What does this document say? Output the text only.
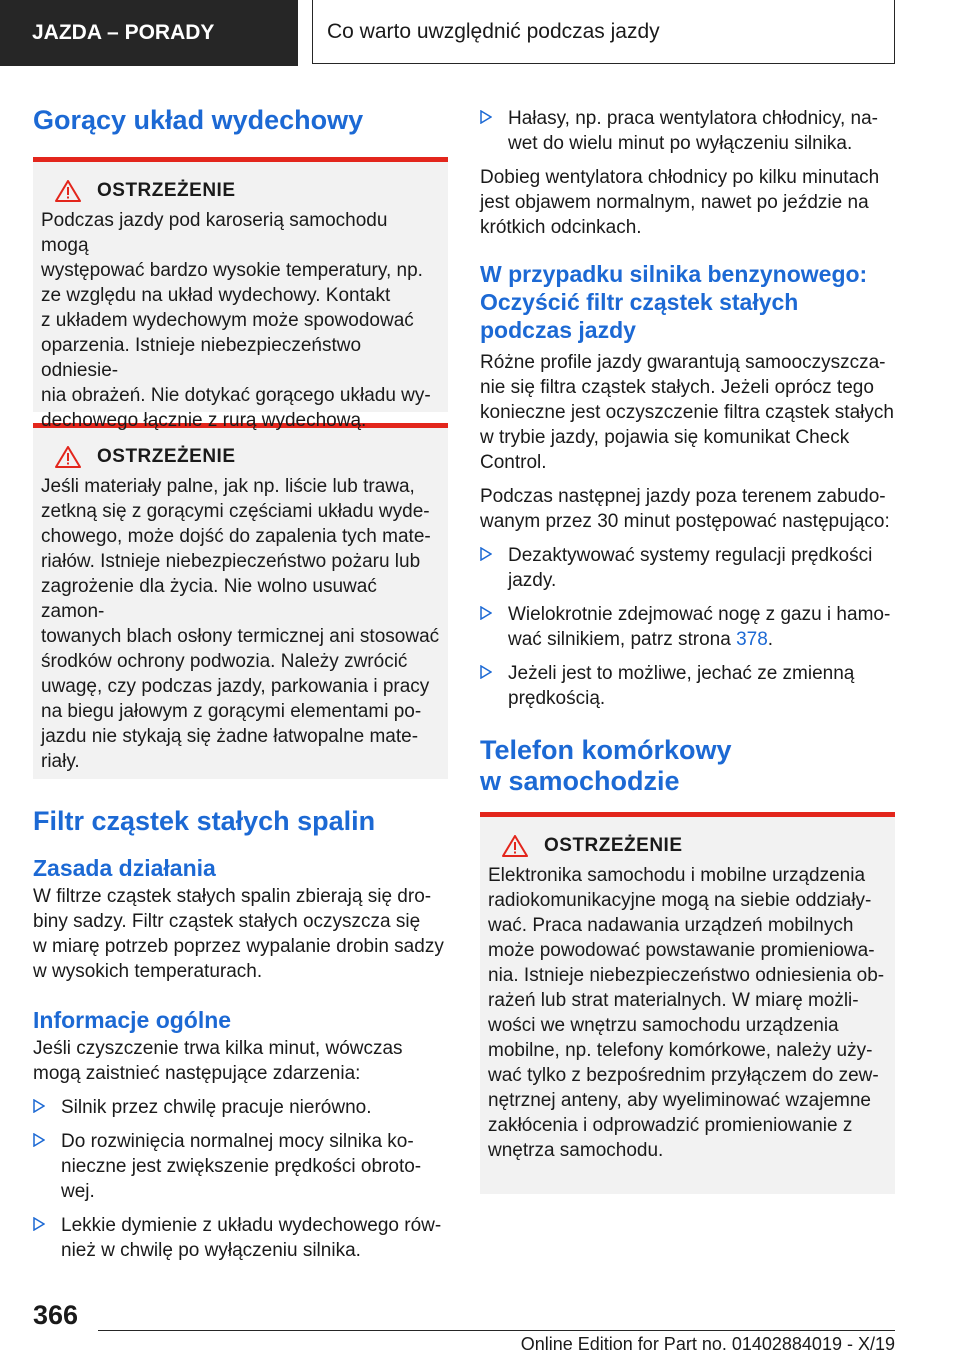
JAZDA – PORADY	Co warto uwzględnić podczas jazdy
Gorący układ wydechowy
OSTRZEŻENIE

Podczas jazdy pod karoserią samochodu mogą

występować bardzo wysokie temperatury, np.

ze względu na układ wydechowy. Kontakt

z układem wydechowym może spowodować

oparzenia. Istnieje niebezpieczeństwo odniesie-

nia obrażeń. Nie dotykać gorącego układu wy-

dechowego łącznie z rurą wydechową.

OSTRZEŻENIE

Jeśli materiały palne, jak np. liście lub trawa,

zetkną się z gorącymi częściami układu wyde-

chowego, może dojść do zapalenia tych mate-

riałów. Istnieje niebezpieczeństwo pożaru lub

zagrożenie dla życia. Nie wolno usuwać zamon-

towanych blach osłony termicznej ani stosować

środków ochrony podwozia. Należy zwrócić

uwagę, czy podczas jazdy, parkowania i pracy

na biegu jałowym z gorącymi elementami po-

jazdu nie stykają się żadne łatwopalne mate-

riały.

Filtr cząstek stałych spalin
Zasada działania

W filtrze cząstek stałych spalin zbierają się dro-

biny sadzy. Filtr cząstek stałych oczyszcza się

w miarę potrzeb poprzez wypalanie drobin sadzy

w wysokich temperaturach.

Informacje ogólne

Jeśli czyszczenie trwa kilka minut, wówczas

mogą zaistnieć następujące zdarzenia:

Silnik przez chwilę pracuje nierówno.
Do rozwinięcia normalnej mocy silnika ko-
nieczne jest zwiększenie prędkości obroto-
wej.
Lekkie dymienie z układu wydechowego rów-
nież w chwilę po wyłączeniu silnika.
Hałasy, np. praca wentylatora chłodnicy, na-
wet do wielu minut po wyłączeniu silnika.

Dobieg wentylatora chłodnicy po kilku minutach

jest objawem normalnym, nawet po jeździe na

krótkich odcinkach.

W przypadku silnika benzynowego:
Oczyścić filtr cząstek stałych
podczas jazdy

Różne profile jazdy gwarantują samooczyszcza-

nie się filtra cząstek stałych. Jeżeli oprócz tego

konieczne jest oczyszczenie filtra cząstek stałych

w trybie jazdy, pojawia się komunikat Check

Control.

Podczas następnej jazdy poza terenem zabudo-

wanym przez 30 minut postępować następująco:

Dezaktywować systemy regulacji prędkości
jazdy.
Wielokrotnie zdejmować nogę z gazu i hamo-
wać silnikiem, patrz strona 378.
Jeżeli jest to możliwe, jechać ze zmienną
prędkością.
Telefon komórkowy
w samochodzie
OSTRZEŻENIE

Elektronika samochodu i mobilne urządzenia

radiokomunikacyjne mogą na siebie oddziały-

wać. Praca nadawania urządzeń mobilnych

może powodować powstawanie promieniowa-

nia. Istnieje niebezpieczeństwo odniesienia ob-

rażeń lub strat materialnych. W miarę możli-

wości we wnętrzu samochodu urządzenia

mobilne, np. telefony komórkowe, należy uży-

wać tylko z bezpośrednim przyłączem do zew-

nętrznej anteny, aby wyeliminować wzajemne

zakłócenia i odprowadzić promieniowanie z

wnętrza samochodu.

366
Online Edition for Part no. 01402884019 - X/19
